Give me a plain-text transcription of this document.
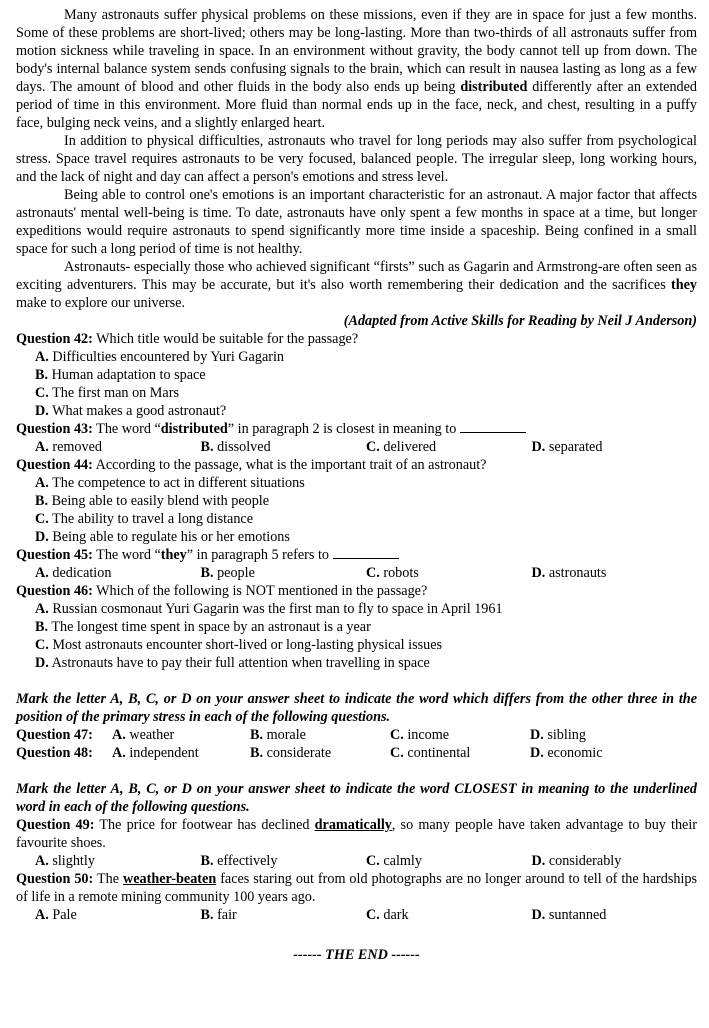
Many astronauts suffer physical problems on these missions, even if they are in space for just a few months. Some of these problems are short-lived; others may be long-lasting. More than two-thirds of all astronauts suffer from motion sickness while traveling in space. In an environment without gravity, the body cannot tell up from down. The body's internal balance system sends confusing signals to the brain, which can result in nausea lasting as long as a few days. The amount of blood and other fluids in the body also ends up being distributed differently after an extended period of time in this environment. More fluid than normal ends up in the face, neck, and chest, resulting in a puffy face, bulging neck veins, and a slightly enlarged heart.

In addition to physical difficulties, astronauts who travel for long periods may also suffer from psychological stress. Space travel requires astronauts to be very focused, balanced people. The irregular sleep, long working hours, and the lack of night and day can affect a person's emotions and stress level.

Being able to control one's emotions is an important characteristic for an astronaut. A major factor that affects astronauts' mental well-being is time. To date, astronauts have only spent a few months in space at a time, but longer expeditions would require astronauts to spend significantly more time inside a spaceship. Being confined in a small space for such a long period of time is not healthy.

Astronauts- especially those who achieved significant “firsts” such as Gagarin and Armstrong-are often seen as exciting adventurers. This may be accurate, but it's also worth remembering their dedication and the sacrifices they make to explore our universe.

(Adapted from Active Skills for Reading by Neil J Anderson)

Question 42: Which title would be suitable for the passage?

A. Difficulties encountered by Yuri Gagarin

B. Human adaptation to space

C. The first man on Mars

D. What makes a good astronaut?

Question 43: The word “distributed” in paragraph 2 is closest in meaning to

A. removed	B. dissolved	C. delivered	D. separated

Question 44: According to the passage, what is the important trait of an astronaut?

A. The competence to act in different situations

B. Being able to easily blend with people

C. The ability to travel a long distance

D. Being able to regulate his or her emotions

Question 45: The word “they” in paragraph 5 refers to

A. dedication	B. people	C. robots	D. astronauts

Question 46: Which of the following is NOT mentioned in the passage?

A. Russian cosmonaut Yuri Gagarin was the first man to fly to space in April 1961

B. The longest time spent in space by an astronaut is a year

C. Most astronauts encounter short-lived or long-lasting physical issues

D. Astronauts have to pay their full attention when travelling in space

Mark the letter A, B, C, or D on your answer sheet to indicate the word which differs from the other three in the position of the primary stress in each of the following questions.

Question 47:	A. weather	B. morale	C. income	D. sibling
Question 48:	A. independent	B. considerate	C. continental	D. economic

Mark the letter A, B, C, or D on your answer sheet to indicate the word CLOSEST in meaning to the underlined word in each of the following questions.

Question 49: The price for footwear has declined dramatically, so many people have taken advantage to buy their favourite shoes.

A. slightly	B. effectively	C. calmly	D. considerably

Question 50: The weather-beaten faces staring out from old photographs are no longer around to tell of the hardships of life in a remote mining community 100 years ago.

A. Pale	B. fair	C. dark	D. suntanned

------ THE END ------
